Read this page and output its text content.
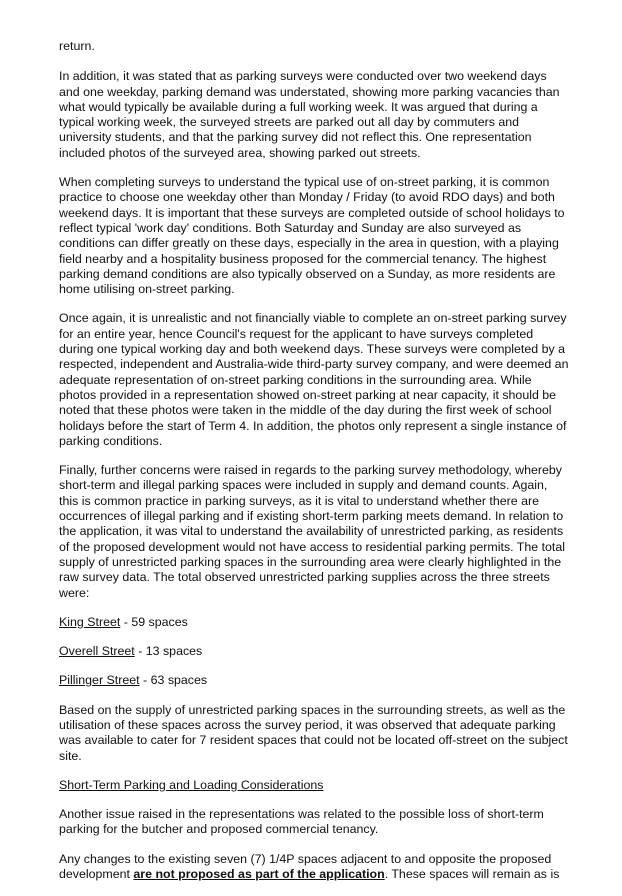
return.

In addition, it was stated that as parking surveys were conducted over two weekend days and one weekday, parking demand was understated, showing more parking vacancies than what would typically be available during a full working week. It was argued that during a typical working week, the surveyed streets are parked out all day by commuters and university students, and that the parking survey did not reflect this. One representation included photos of the surveyed area, showing parked out streets.

When completing surveys to understand the typical use of on-street parking, it is common practice to choose one weekday other than Monday / Friday (to avoid RDO days) and both weekend days. It is important that these surveys are completed outside of school holidays to reflect typical 'work day' conditions. Both Saturday and Sunday are also surveyed as conditions can differ greatly on these days, especially in the area in question, with a playing field nearby and a hospitality business proposed for the commercial tenancy. The highest parking demand conditions are also typically observed on a Sunday, as more residents are home utilising on-street parking.

Once again, it is unrealistic and not financially viable to complete an on-street parking survey for an entire year, hence Council's request for the applicant to have surveys completed during one typical working day and both weekend days. These surveys were completed by a respected, independent and Australia-wide third-party survey company, and were deemed an adequate representation of on-street parking conditions in the surrounding area. While photos provided in a representation showed on-street parking at near capacity, it should be noted that these photos were taken in the middle of the day during the first week of school holidays before the start of Term 4. In addition, the photos only represent a single instance of parking conditions.

Finally, further concerns were raised in regards to the parking survey methodology, whereby short-term and illegal parking spaces were included in supply and demand counts. Again, this is common practice in parking surveys, as it is vital to understand whether there are occurrences of illegal parking and if existing short-term parking meets demand. In relation to the application, it was vital to understand the availability of unrestricted parking, as residents of the proposed development would not have access to residential parking permits. The total supply of unrestricted parking spaces in the surrounding area were clearly highlighted in the raw survey data. The total observed unrestricted parking supplies across the three streets were:

King Street - 59 spaces

Overell Street - 13 spaces

Pillinger Street - 63 spaces

Based on the supply of unrestricted parking spaces in the surrounding streets, as well as the utilisation of these spaces across the survey period, it was observed that adequate parking was available to cater for 7 resident spaces that could not be located off-street on the subject site.

Short-Term Parking and Loading Considerations

Another issue raised in the representations was related to the possible loss of short-term parking for the butcher and proposed commercial tenancy.

Any changes to the existing seven (7) 1/4P spaces adjacent to and opposite the proposed development are not proposed as part of the application. These spaces will remain as is
